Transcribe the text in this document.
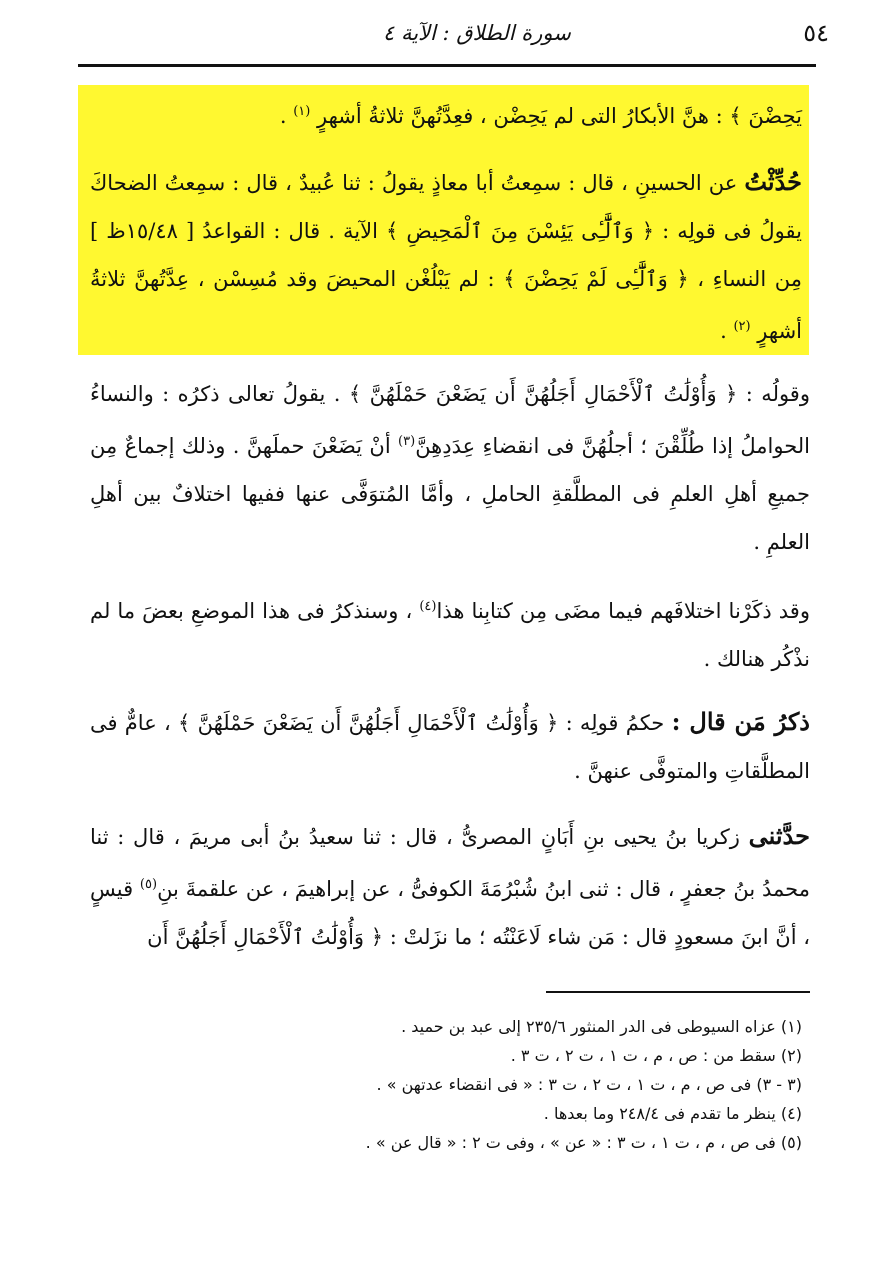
٥٤
سورة الطلاق : الآية ٤

يَحِضْنَ ﴾ : هنَّ الأبكارُ التى لم يَحِضْن ، فعِدَّتُهنَّ ثلاثةُ أشهرٍ $^{(١)}$ .

حُدِّثْتُ عن الحسينِ ، قال : سمِعتُ أبا معاذٍ يقولُ : ثنا عُبيدٌ ، قال : سمِعتُ الضحاكَ يقولُ فى قولِه : ﴿ وَٱلَّٰٓـِٔى يَئِسْنَ مِنَ ٱلْمَحِيضِ ﴾ الآية . قال : القواعدُ [ ١٥/٤٨ظ ] مِن النساءِ ، ﴿ وَٱلَّٰٓـِٔى لَمْ يَحِضْنَ ﴾ : لم يَبْلُغْن المحيضَ وقد مُسِسْن ، عِدَّتُهنَّ ثلاثةُ أشهرٍ $^{(٢)}$ .

وقولُه : ﴿ وَأُوْلَٰتُ ٱلْأَحْمَالِ أَجَلُهُنَّ أَن يَضَعْنَ حَمْلَهُنَّ ﴾ . يقولُ تعالى ذكرُه : والنساءُ الحواملُ إذا طُلِّقْنَ ؛ أجلُهُنَّ فى انقضاءِ عِدَدِهِنَّ$^{(٣)}$ أنْ يَضَعْنَ حملَهنَّ . وذلك إجماعٌ مِن جميعِ أهلِ العلمِ فى المطلَّقةِ الحاملِ ، وأمَّا المُتوَفَّى عنها ففيها اختلافٌ بين أهلِ العلمِ .

وقد ذكَرْنا اختلافَهم فيما مضَى مِن كتابِنا هذا$^{(٤)}$ ، وسنذكرُ فى هذا الموضعِ بعضَ ما لم نذْكُر هنالك .

ذكرُ مَن قال : حكمُ قولِه : ﴿ وَأُوْلَٰتُ ٱلْأَحْمَالِ أَجَلُهُنَّ أَن يَضَعْنَ حَمْلَهُنَّ ﴾ ، عامٌّ فى المطلَّقاتِ والمتوفَّى عنهنَّ .

حدَّثنى زكريا بنُ يحيى بنِ أَبَانٍ المصرىُّ ، قال : ثنا سعيدُ بنُ أبى مريمَ ، قال : ثنا محمدُ بنُ جعفرٍ ، قال : ثنى ابنُ شُبْرُمَةَ الكوفىُّ ، عن إبراهيمَ ، عن علقمةَ بنِ$^{(٥)}$ قيسٍ ، أنَّ ابنَ مسعودٍ قال : مَن شاء لَاعَنْتُه ؛ ما نزَلتْ : ﴿ وَأُوْلَٰتُ ٱلْأَحْمَالِ أَجَلُهُنَّ أَن

(١) عزاه السيوطى فى الدر المنثور ٢٣٥/٦ إلى عبد بن حميد .
(٢) سقط من : ص ، م ، ت ١ ، ت ٢ ، ت ٣ .
(٣ - ٣) فى ص ، م ، ت ١ ، ت ٢ ، ت ٣ : « فى انقضاء عدتهن » .
(٤) ينظر ما تقدم فى ٢٤٨/٤ وما بعدها .
(٥) فى ص ، م ، ت ١ ، ت ٣ : « عن » ، وفى ت ٢ : « قال عن » .
